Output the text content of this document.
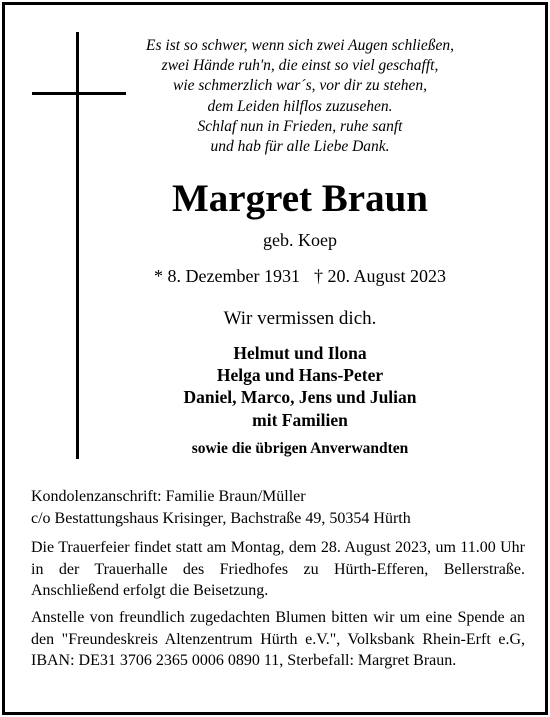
Es ist so schwer, wenn sich zwei Augen schließen,
zwei Hände ruh'n, die einst so viel geschafft,
wie schmerzlich war´s, vor dir zu stehen,
dem Leiden hilflos zuzusehen.
Schlaf nun in Frieden, ruhe sanft
und hab für alle Liebe Dank.
Margret Braun
geb. Koep
* 8. Dezember 1931 † 20. August 2023
Wir vermissen dich.
Helmut und Ilona
Helga und Hans-Peter
Daniel, Marco, Jens und Julian
mit Familien
sowie die übrigen Anverwandten
Kondolenzanschrift: Familie Braun/Müller
c/o Bestattungshaus Krisinger, Bachstraße 49, 50354 Hürth
Die Trauerfeier findet statt am Montag, dem 28. August 2023, um 11.00 Uhr in der Trauerhalle des Friedhofes zu Hürth-Efferen, Bellerstraße. Anschließend erfolgt die Beisetzung.
Anstelle von freundlich zugedachten Blumen bitten wir um eine Spende an den "Freundeskreis Altenzentrum Hürth e.V.", Volksbank Rhein-Erft e.G, IBAN: DE31 3706 2365 0006 0890 11, Sterbefall: Margret Braun.
